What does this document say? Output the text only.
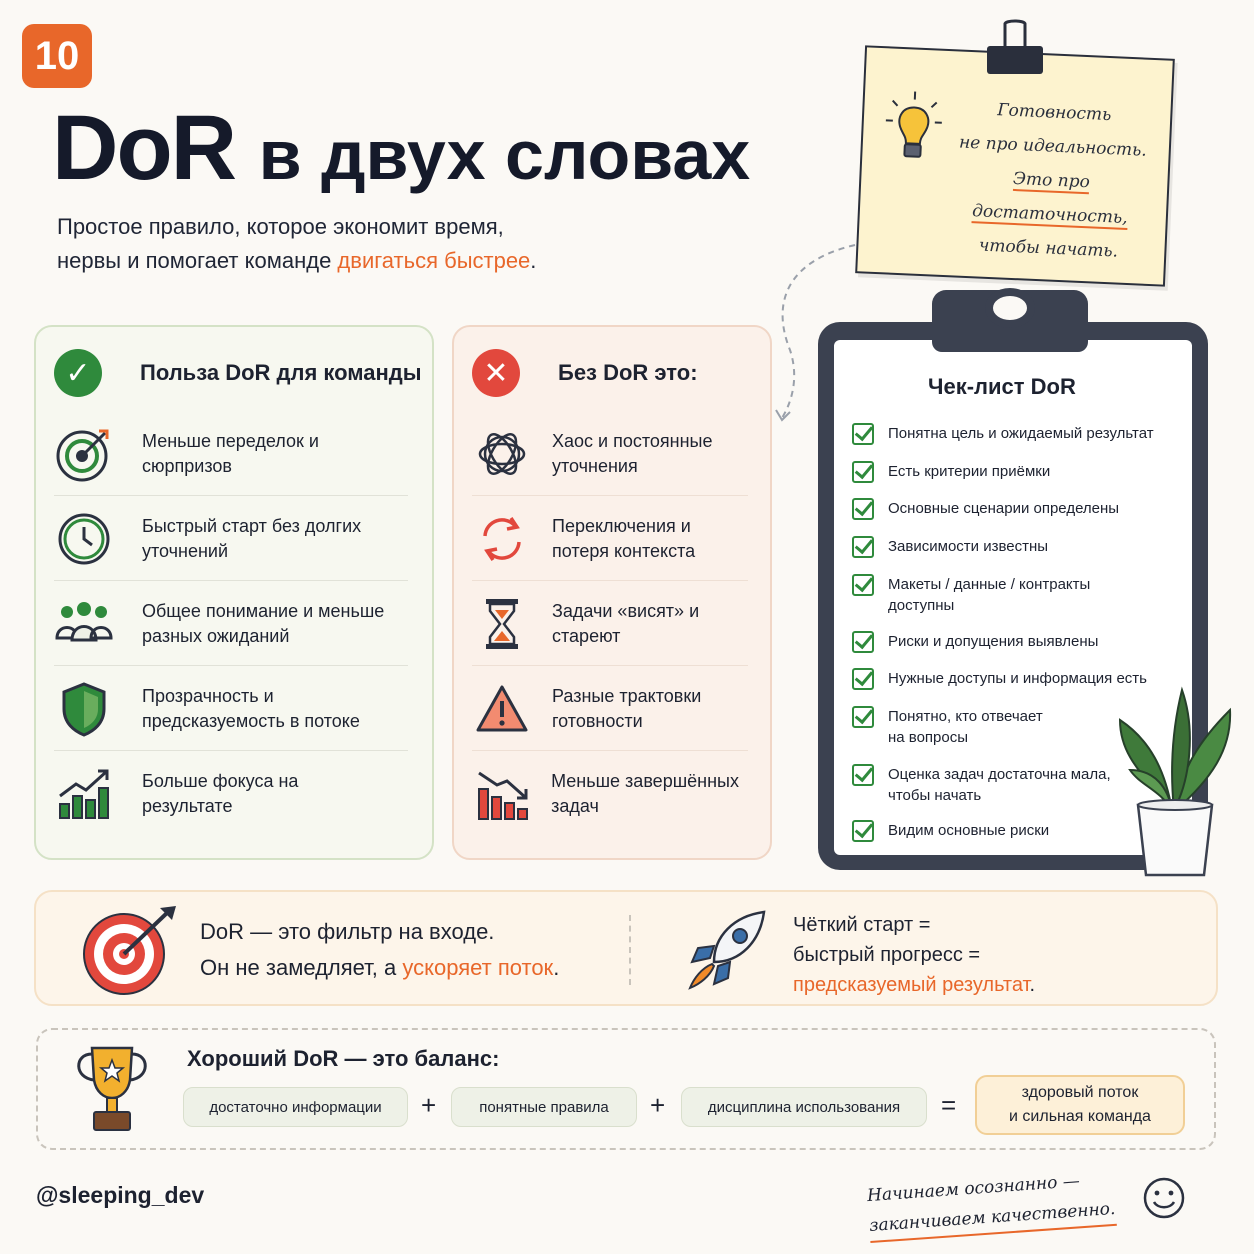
10
DoR в двух словах
Простое правило, которое экономит время,
нервы и помогает команде двигаться быстрее.
Готовность
не про идеальность.
Это про достаточность,
чтобы начать.
✓	Польза DoR для команды
Меньше переделок и сюрпризов
Быстрый старт без долгих уточнений
Общее понимание и меньше разных ожиданий
Прозрачность и предсказуемость в потоке
Больше фокуса на результате
✕	Без DoR это:
Хаос и постоянные уточнения
Переключения и потеря контекста
Задачи «висят» и стареют
Разные трактовки готовности
Меньше завершённых задач
Чек-лист DoR
Понятна цель и ожидаемый результат
Есть критерии приёмки
Основные сценарии определены
Зависимости известны
Макеты / данные / контракты доступны
Риски и допущения выявлены
Нужные доступы и информация есть
Понятно, кто отвечает на вопросы
Оценка задач достаточна мала, чтобы начать
Видим основные риски
DoR — это фильтр на входе.
Он не замедляет, а ускоряет поток.
Чёткий старт =
быстрый прогресс =
предсказуемый результат.
Хороший DoR — это баланс:
достаточно информации	+	понятные правила	+	дисциплина использования	=	здоровый поток
и сильная команда
@sleeping_dev	Начинаем осознанно —
заканчиваем качественно.
